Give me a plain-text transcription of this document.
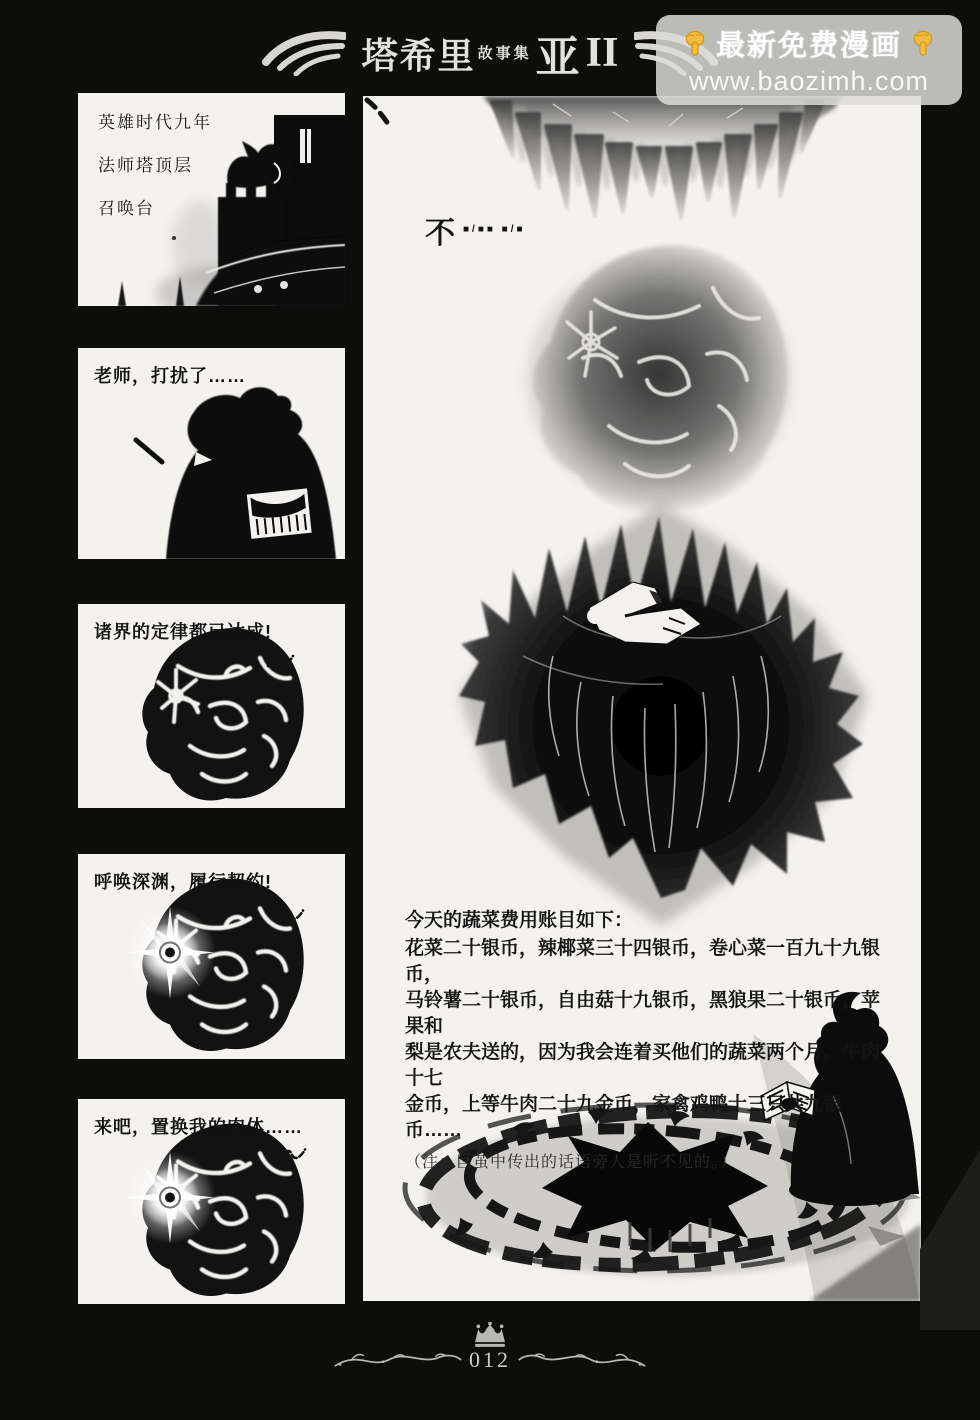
塔希里 故事集 亚 II	最新免费漫画
www.baozimh.com
英雄时代九年
法师塔顶层
召唤台
老师，打扰了……
诸界的定律都已达成!
呼唤深渊，履行契约!
来吧，置换我的肉体……
不 ■/■■ ■/■
今天的蔬菜费用账目如下：
花菜二十银币，辣椰菜三十四银币，卷心菜一百九十九银币，
马铃薯二十银币，自由菇十九银币，黑狼果二十银币，苹果和
梨是农夫送的，因为我会连着买他们的蔬菜两个月。牛肉十七
金币，上等牛肉二十九金币，家禽鸡鸭十三只共九银币……
（注：巨茧中传出的话语旁人是听不见的。）
012
